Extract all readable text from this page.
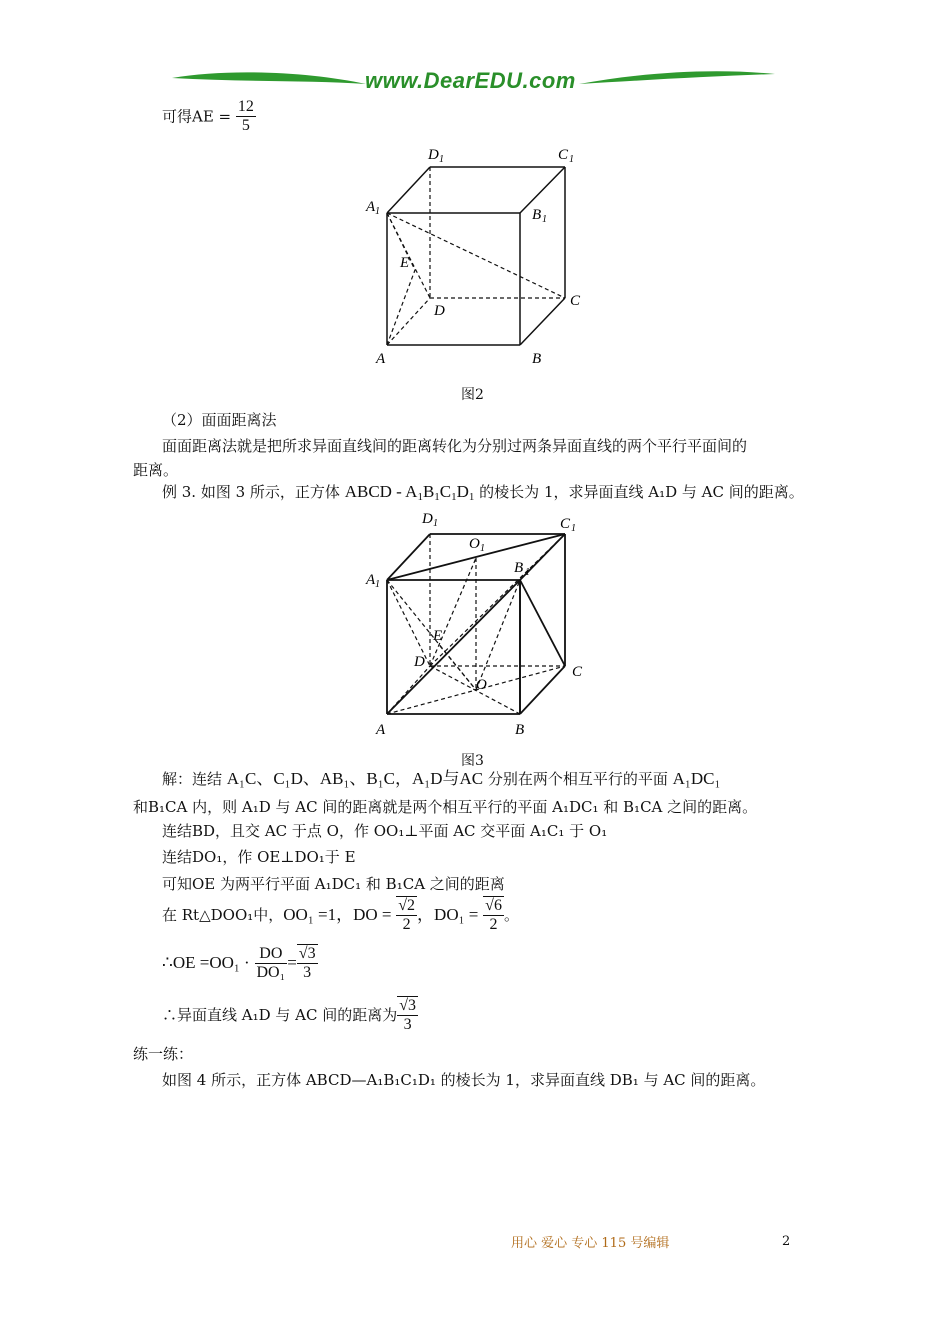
www.DearEDU.com
可得AE = $\frac{12}{5}$
D 1	C 1
A 1	B 1
E
D
C
A	B
图2
（2）面面距离法
面面距离法就是把所求异面直线间的距离转化为分别过两条异面直线的两个平行平面间的
距离。
例 3. 如图 3 所示，正方体 ABCD - $A_1B_1C_1D_1$ 的棱长为 1，求异面直线 A₁D 与 AC 间的距离。
D 1
O 1
C 1
A 1
B 1
E
D
C
O
A	B
图3
解：连结 A₁C、C₁D、AB₁、B₁C，A₁D与AC 分别在两个相互平行的平面 A₁DC₁
和B₁CA 内，则 A₁D 与 AC 间的距离就是两个相互平行的平面 A₁DC₁ 和 B₁CA 之间的距离。
连结BD，且交 AC 于点 O，作 OO₁⊥平面 AC 交平面 A₁C₁ 于 O₁
连结DO₁，作 OE⊥DO₁于 E
可知OE 为两平行平面 A₁DC₁ 和 B₁CA 之间的距离
在 Rt△DOO₁中，OO₁ =1，DO = $\frac{√2}{2}$ ，$DO_1 = \frac{√6}{2}$ 。
∴OE $=OO_1 \cdot \frac{DO}{\text{DO₁}} = \frac{√3}{3}$
∴异面直线 A₁D 与 AC 间的距离为 $\frac{√3}{3}$
练一练：
如图 4 所示，正方体 ABCD—A₁B₁C₁D₁ 的棱长为 1，求异面直线 DB₁ 与 AC 间的距离。
用心 爱心 专心 115 号编辑	2
